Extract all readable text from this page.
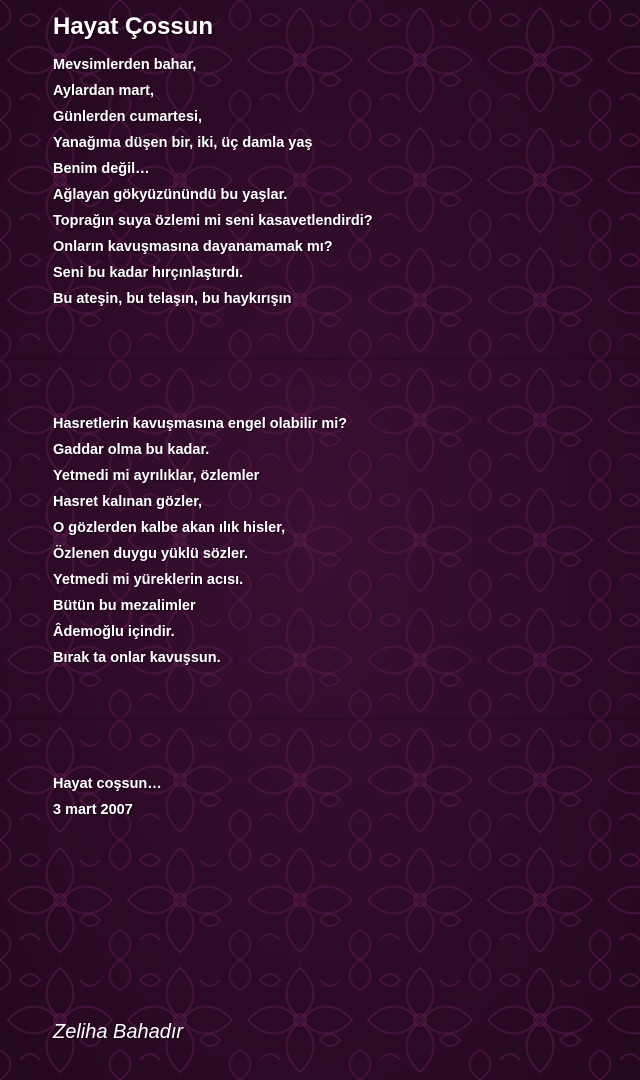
Hayat Çossun
Mevsimlerden bahar,
Aylardan mart,
Günlerden cumartesi,
Yanağıma düşen bir, iki, üç damla yaş
Benim değil…
Ağlayan gökyüzünündü bu yaşlar.
Toprağın suya özlemi mi seni kasavetlendirdi?
Onların kavuşmasına dayanamamak mı?
Seni bu kadar hırçınlaştırdı.
Bu ateşin, bu telaşın, bu haykırışın
Hasretlerin kavuşmasına engel olabilir mi?
Gaddar olma bu kadar.
Yetmedi mi ayrılıklar, özlemler
Hasret kalınan gözler,
O gözlerden kalbe akan ılık hisler,
Özlenen duygu yüklü sözler.
Yetmedi mi yüreklerin acısı.
Bütün bu mezalimler
Âdemoğlu içindir.
Bırak ta onlar kavuşsun.
Hayat coşsun…
3 mart 2007

Zeliha Bahadır
